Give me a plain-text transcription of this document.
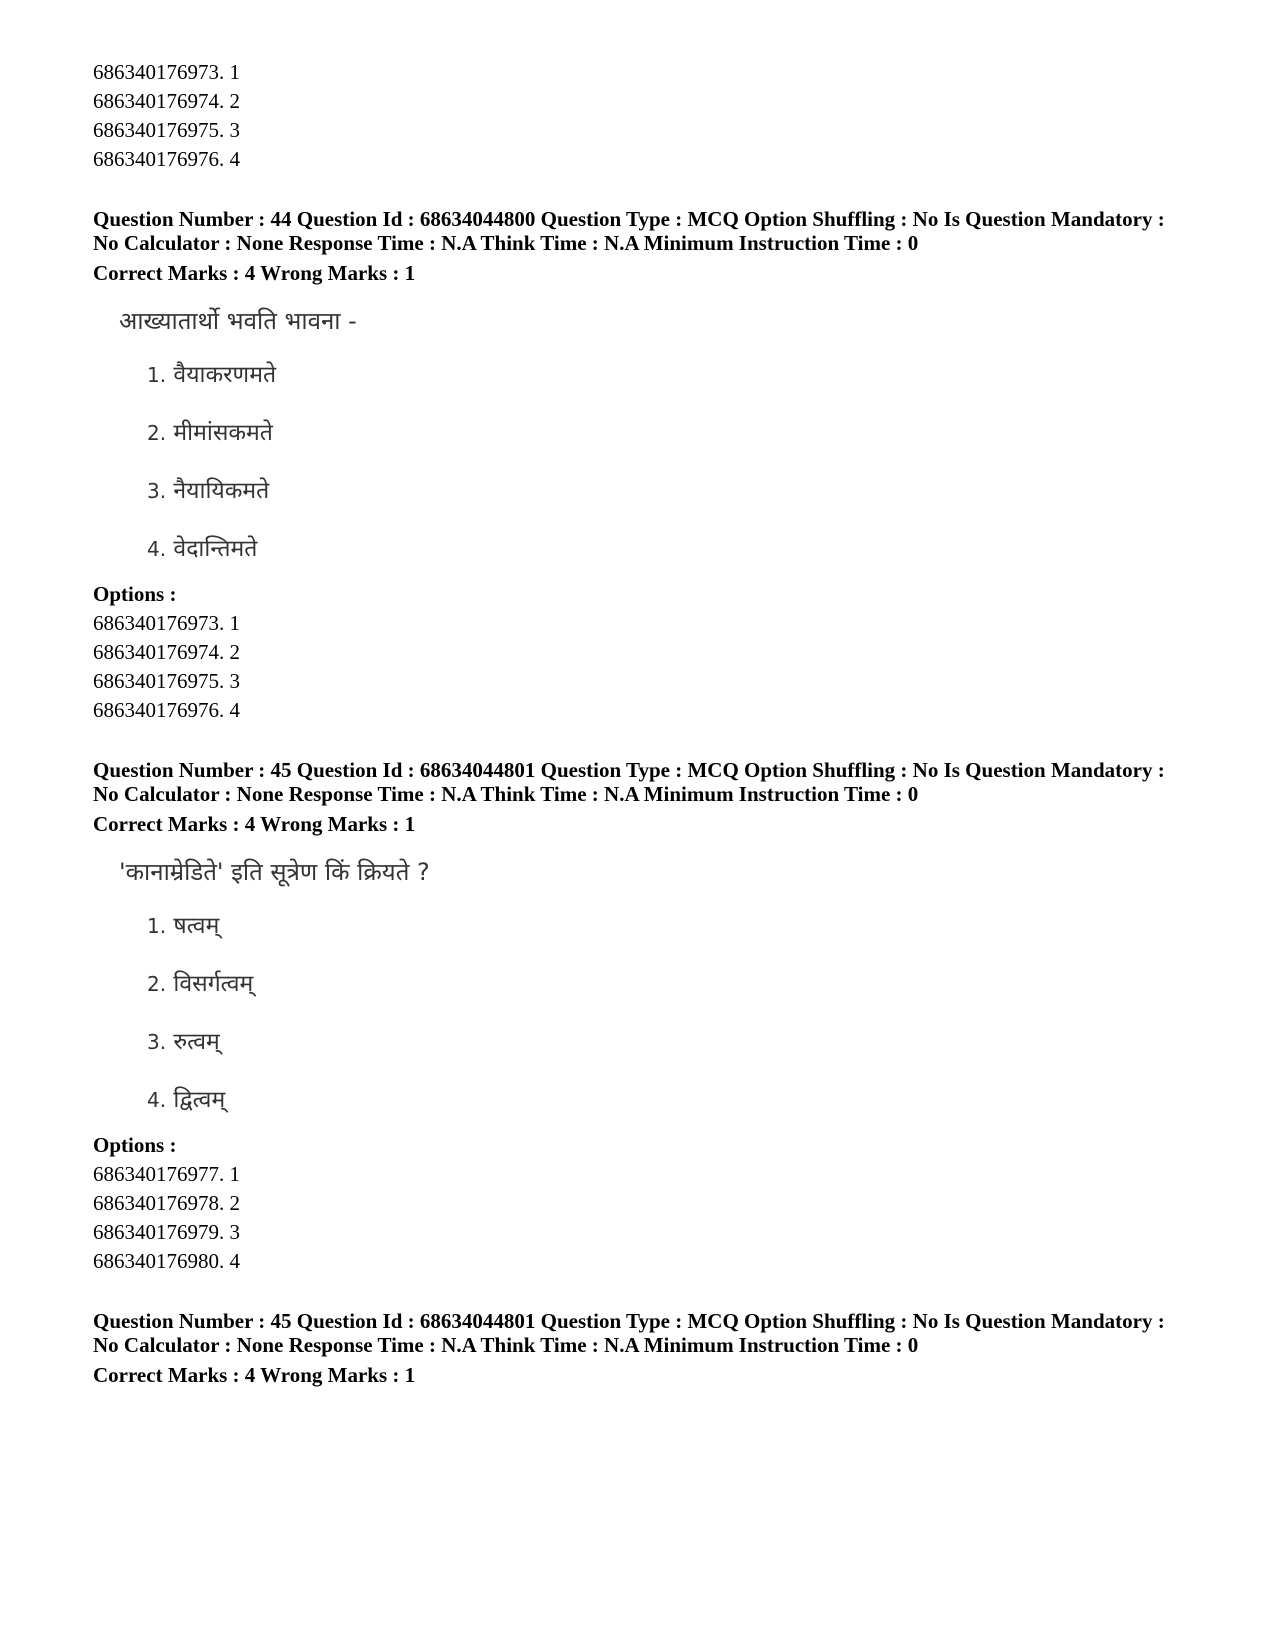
686340176973. 1
686340176974. 2
686340176975. 3
686340176976. 4
Question Number : 44 Question Id : 68634044800 Question Type : MCQ Option Shuffling : No Is Question Mandatory :
No Calculator : None Response Time : N.A Think Time : N.A Minimum Instruction Time : 0
Correct Marks : 4 Wrong Marks : 1
आख्यातार्थो भवति भावना -
1. वैयाकरणमते
2. मीमांसकमते
3. नैयायिकमते
4. वेदान्तिमते
Options :
686340176973. 1
686340176974. 2
686340176975. 3
686340176976. 4
Question Number : 45 Question Id : 68634044801 Question Type : MCQ Option Shuffling : No Is Question Mandatory :
No Calculator : None Response Time : N.A Think Time : N.A Minimum Instruction Time : 0
Correct Marks : 4 Wrong Marks : 1
'कानाम्रेडिते' इति सूत्रेण किं क्रियते ?
1. षत्वम्
2. विसर्गत्वम्
3. रुत्वम्
4. द्वित्वम्
Options :
686340176977. 1
686340176978. 2
686340176979. 3
686340176980. 4
Question Number : 45 Question Id : 68634044801 Question Type : MCQ Option Shuffling : No Is Question Mandatory :
No Calculator : None Response Time : N.A Think Time : N.A Minimum Instruction Time : 0
Correct Marks : 4 Wrong Marks : 1
